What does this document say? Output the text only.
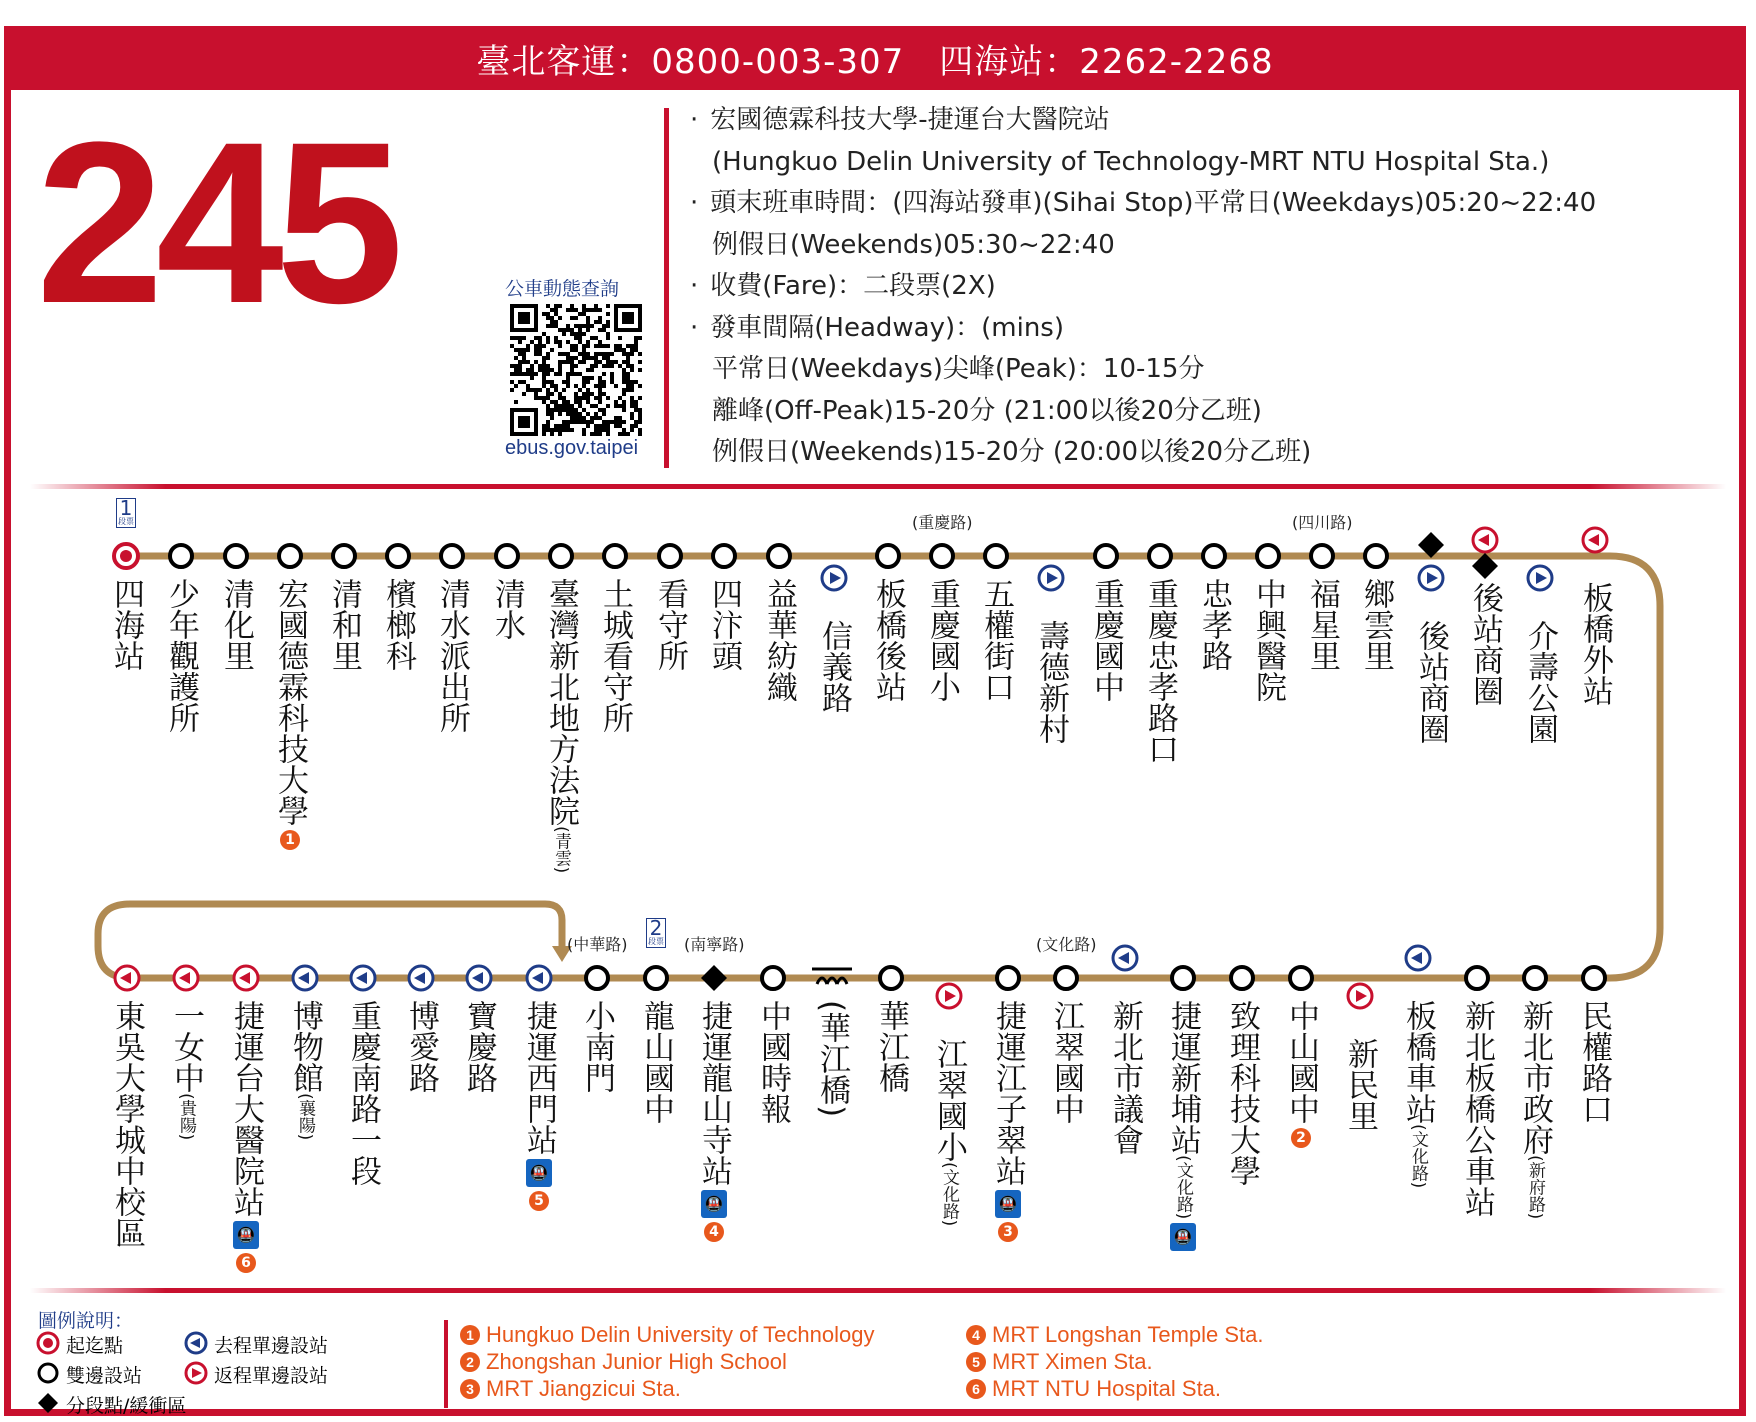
臺北客運：0800-003-307　四海站：2262-2268
245	公車動態查詢
ebus.gov.taipei
· 宏國德霖科技大學-捷運台大醫院站
(Hungkuo Delin University of Technology-MRT NTU Hospital Sta.)
· 頭末班車時間：(四海站發車)(Sihai Stop)平常日(Weekdays)05:20~22:40
例假日(Weekends)05:30~22:40
· 收費(Fare)：二段票(2X)
· 發車間隔(Headway)：(mins)
平常日(Weekdays)尖峰(Peak)：10-15分
離峰(Off-Peak)15-20分 (21:00以後20分乙班)
例假日(Weekends)15-20分 (20:00以後20分乙班)
四海站 少年觀護所 清化里 宏國德霖科技大學
1
清和里 檳榔科 清水派出所 清水 臺灣新北地方法院
(青雲)
土城看守所 看守所 四汴頭 益華紡織 信義路 板橋後站 重慶國小
(重慶路)
五權街口 壽德新村 重慶國中 重慶忠孝路口 忠孝路 中興醫院 福星里
(四川路)
鄉雲里 後站商圈 後站商圈 介壽公園 板橋外站
東吳大學城中校區 一女中
(貴陽) 捷運台大醫院站
🚇
6
博物館
(襄陽) 重慶南路一段 博愛路 寶慶路 捷運西門站
🚇
5
小南門
(中華路)
龍山國中 捷運龍山寺站
🚇
4
(南寧路)
中國時報 (華江橋) 華江橋 江翠國小
(文化路)
捷運江子翠站
🚇
3
江翠國中
(文化路)
新北市議會 捷運新埔站
(文化路)
🚇
致理科技大學 中山國中
2
新民里 板橋車站
(文化路) 新北板橋公車站 新北市政府
(新府路)
民權路口
1
段票
2
段票
圖例說明：
起迄點	去程單邊設站
雙邊設站	返程單邊設站
分段點/緩衝區
1 Hungkuo Delin University of Technology
2 Zhongshan Junior High School
3 MRT Jiangzicui Sta.
4 MRT Longshan Temple Sta.
5 MRT Ximen Sta.
6 MRT NTU Hospital Sta.
